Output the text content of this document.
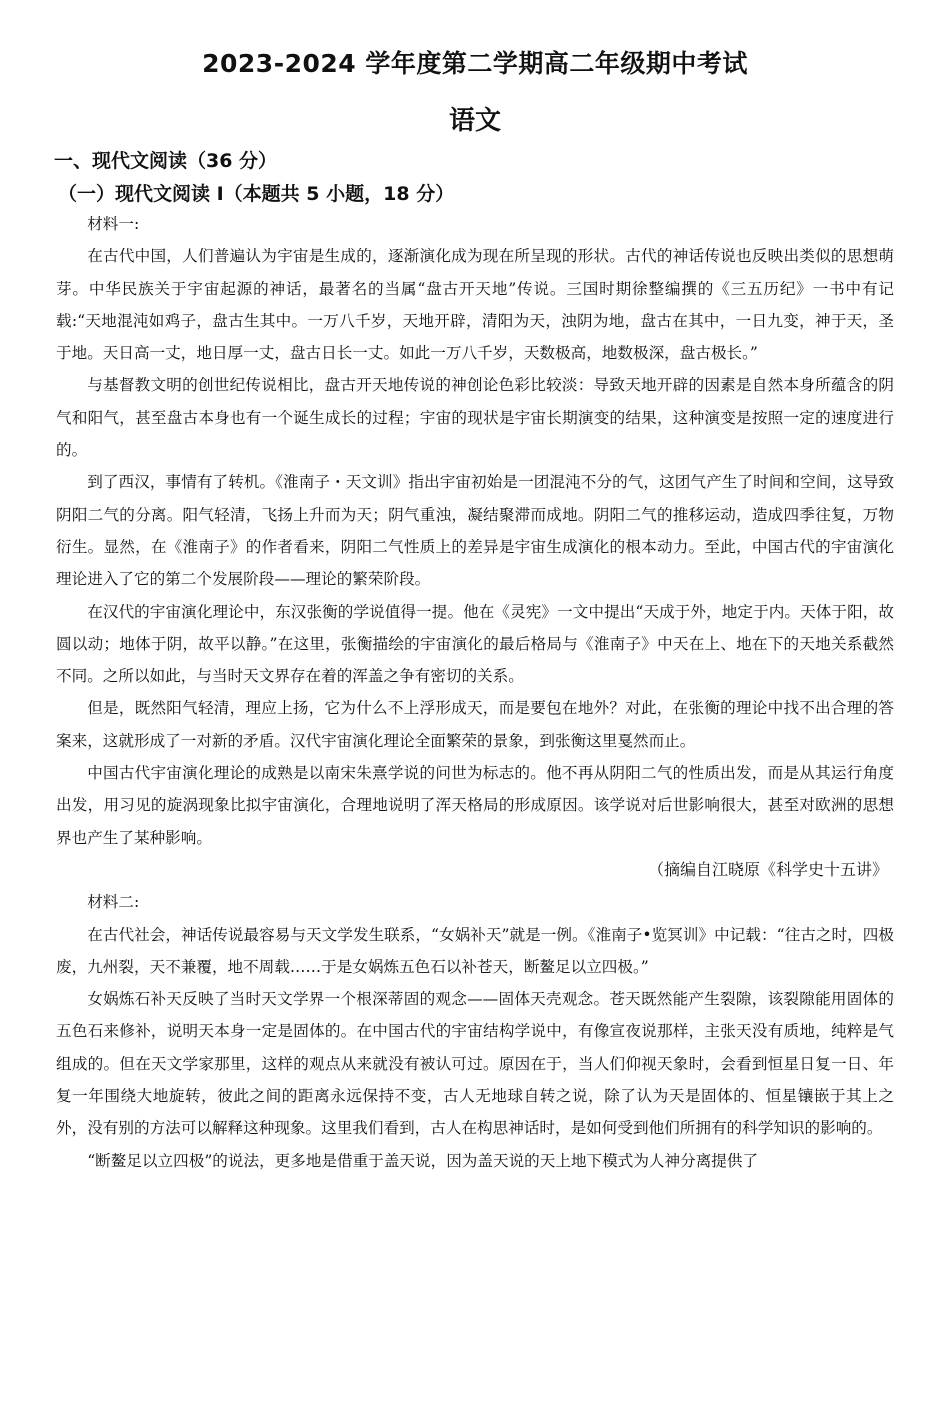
2023-2024 学年度第二学期高二年级期中考试
语文
一、现代文阅读（36 分）
（一）现代文阅读 I（本题共 5 小题，18 分）

材料一:

在古代中国，人们普遍认为宇宙是生成的，逐渐演化成为现在所呈现的形状。古代的神话传说也反映出类似的思想萌芽。中华民族关于宇宙起源的神话，最著名的当属“盘古开天地”传说。三国时期徐整编撰的《三五历纪》一书中有记载:“天地混沌如鸡子，盘古生其中。一万八千岁，天地开辟，清阳为天，浊阴为地，盘古在其中，一日九变，神于天，圣于地。天日高一丈，地日厚一丈，盘古日长一丈。如此一万八千岁，天数极高，地数极深，盘古极长。”

与基督教文明的创世纪传说相比，盘古开天地传说的神创论色彩比较淡：导致天地开辟的因素是自然本身所蕴含的阴气和阳气，甚至盘古本身也有一个诞生成长的过程；宇宙的现状是宇宙长期演变的结果，这种演变是按照一定的速度进行的。

到了西汉，事情有了转机。《淮南子・天文训》指出宇宙初始是一团混沌不分的气，这团气产生了时间和空间，这导致阴阳二气的分离。阳气轻清，飞扬上升而为天；阴气重浊，凝结聚滞而成地。阴阳二气的推移运动，造成四季往复，万物衍生。显然，在《淮南子》的作者看来，阴阳二气性质上的差异是宇宙生成演化的根本动力。至此，中国古代的宇宙演化理论进入了它的第二个发展阶段——理论的繁荣阶段。

在汉代的宇宙演化理论中，东汉张衡的学说值得一提。他在《灵宪》一文中提出“天成于外，地定于内。天体于阳，故圆以动；地体于阴，故平以静。”在这里，张衡描绘的宇宙演化的最后格局与《淮南子》中天在上、地在下的天地关系截然不同。之所以如此，与当时天文界存在着的浑盖之争有密切的关系。

但是，既然阳气轻清，理应上扬，它为什么不上浮形成天，而是要包在地外？对此，在张衡的理论中找不出合理的答案来，这就形成了一对新的矛盾。汉代宇宙演化理论全面繁荣的景象，到张衡这里戛然而止。

中国古代宇宙演化理论的成熟是以南宋朱熹学说的问世为标志的。他不再从阴阳二气的性质出发，而是从其运行角度出发，用习见的旋涡现象比拟宇宙演化，合理地说明了浑天格局的形成原因。该学说对后世影响很大，甚至对欧洲的思想界也产生了某种影响。

（摘编自江晓原《科学史十五讲》

材料二:

在古代社会，神话传说最容易与天文学发生联系，“女娲补天”就是一例。《淮南子•览冥训》中记载：“往古之时，四极废，九州裂，天不兼覆，地不周载……于是女娲炼五色石以补苍天，断鳌足以立四极。”

女娲炼石补天反映了当时天文学界一个根深蒂固的观念——固体天壳观念。苍天既然能产生裂隙，该裂隙能用固体的五色石来修补，说明天本身一定是固体的。在中国古代的宇宙结构学说中，有像宣夜说那样，主张天没有质地，纯粹是气组成的。但在天文学家那里，这样的观点从来就没有被认可过。原因在于，当人们仰视天象时，会看到恒星日复一日、年复一年围绕大地旋转，彼此之间的距离永远保持不变，古人无地球自转之说，除了认为天是固体的、恒星镶嵌于其上之外，没有别的方法可以解释这种现象。这里我们看到，古人在构思神话时，是如何受到他们所拥有的科学知识的影响的。

“断鳌足以立四极”的说法，更多地是借重于盖天说，因为盖天说的天上地下模式为人神分离提供了
